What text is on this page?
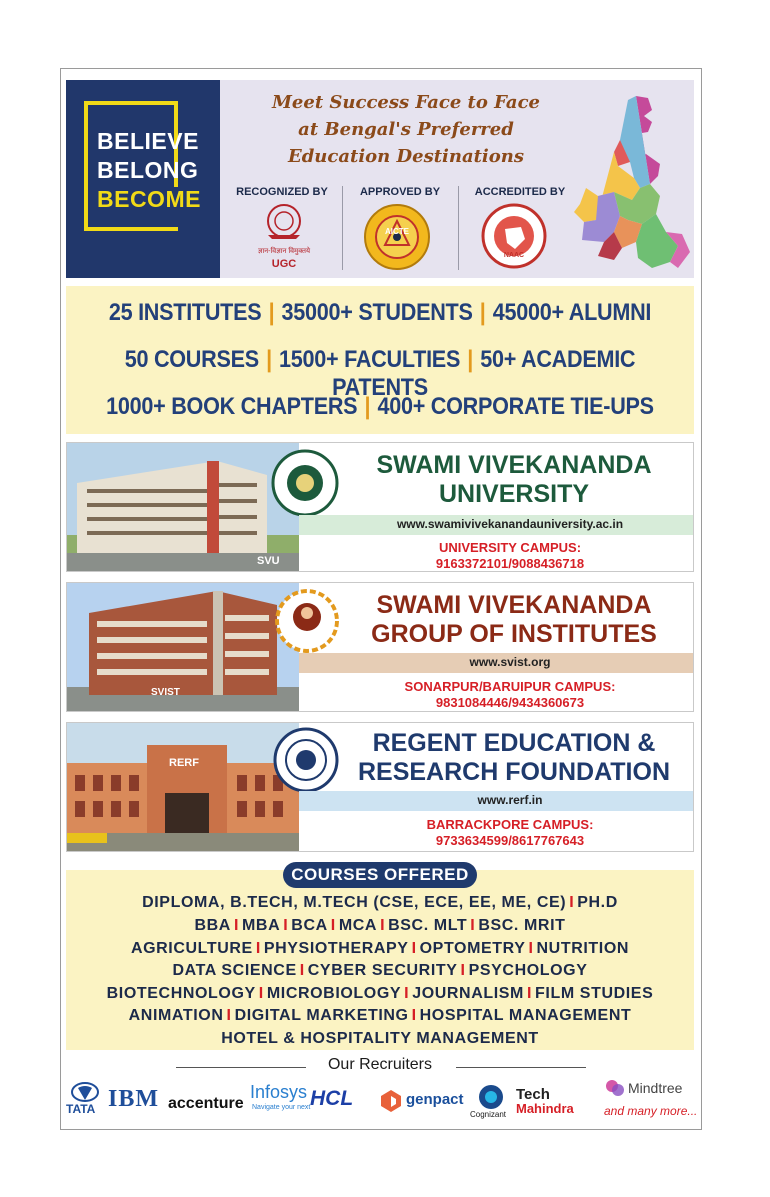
BELIEVE
BELONG
BECOME
Meet Success Face to Face
at Bengal's Preferred
Education Destinations
RECOGNIZED BY	APPROVED BY	ACCREDITED BY
ज्ञान-विज्ञान विमुक्तये
UGC
AICTE
NAAC
25 INSTITUTES | 35000+ STUDENTS | 45000+ ALUMNI
50 COURSES | 1500+ FACULTIES | 50+ ACADEMIC PATENTS
1000+ BOOK CHAPTERS | 400+ CORPORATE TIE-UPS
SVU
SWAMI VIVEKANANDA
UNIVERSITY
www.swamivivekanandauniversity.ac.in
UNIVERSITY CAMPUS:
9163372101/9088436718
SVIST
SWAMI VIVEKANANDA
GROUP OF INSTITUTES
www.svist.org
SONARPUR/BARUIPUR CAMPUS:
9831084446/9434360673
RERF
REGENT EDUCATION &
RESEARCH FOUNDATION
www.rerf.in
BARRACKPORE CAMPUS:
9733634599/8617767643
COURSES OFFERED
DIPLOMA, B.TECH, M.TECH (CSE, ECE, EE, ME, CE) I PH.D
BBA I MBA I BCA I MCA I BSC. MLT I BSC. MRIT
AGRICULTURE I PHYSIOTHERAPY I OPTOMETRY I NUTRITION
DATA SCIENCE I CYBER SECURITY I PSYCHOLOGY
BIOTECHNOLOGY I MICROBIOLOGY I JOURNALISM I FILM STUDIES
ANIMATION I DIGITAL MARKETING I HOSPITAL MANAGEMENT
HOTEL & HOSPITALITY MANAGEMENT
Our Recruiters
TATA IBM accenture
Infosys
Navigate your next HCL	genpact
Cognizant
Tech
Mahindra
Mindtree
and many more...
